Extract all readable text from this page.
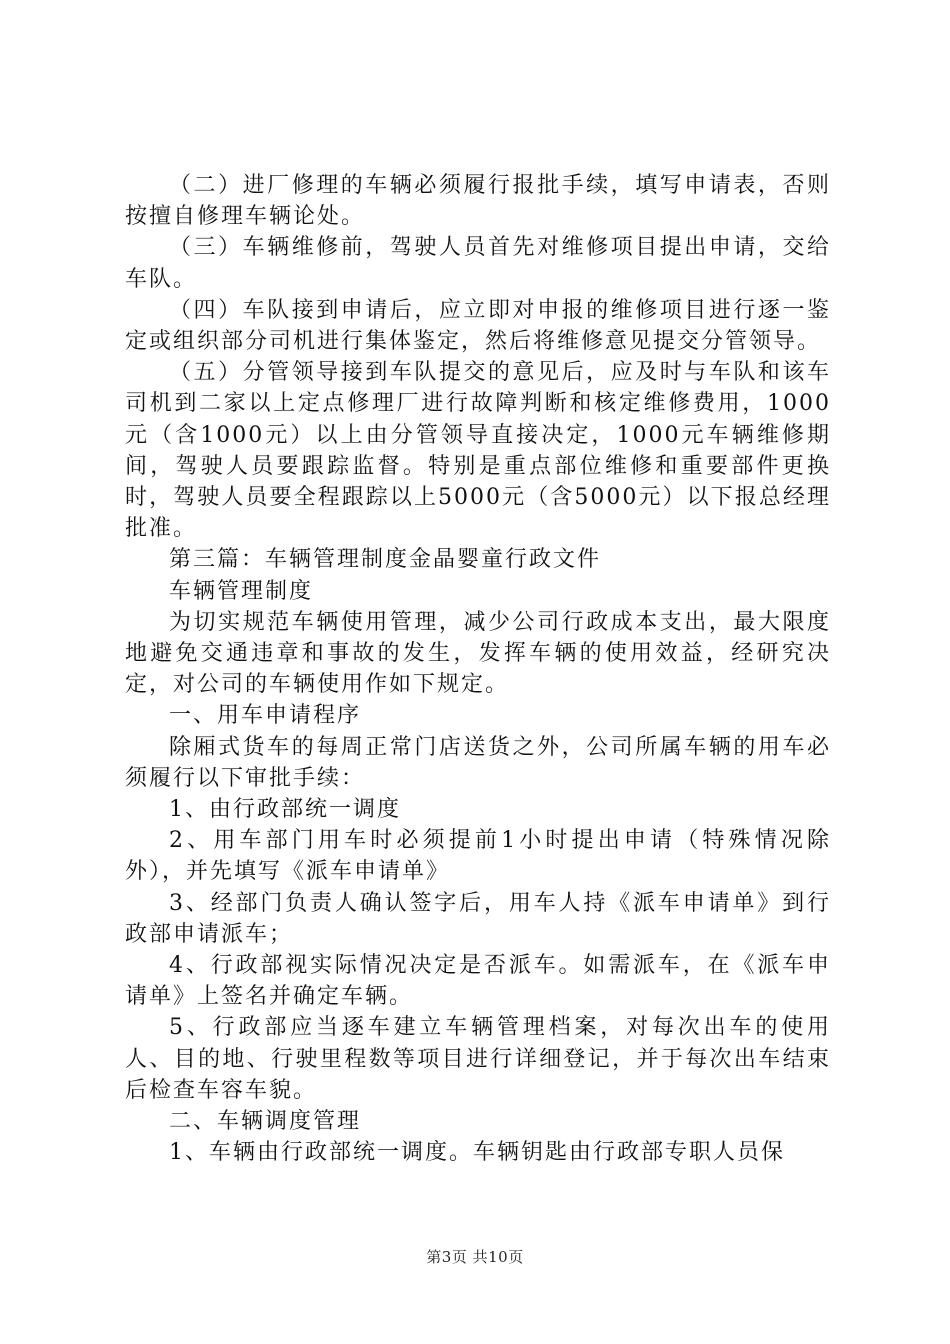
（二）进厂修理的车辆必须履行报批手续，填写申请表，否则按擅自修理车辆论处。

（三）车辆维修前，驾驶人员首先对维修项目提出申请，交给车队。

（四）车队接到申请后，应立即对申报的维修项目进行逐一鉴定或组织部分司机进行集体鉴定，然后将维修意见提交分管领导。

（五）分管领导接到车队提交的意见后，应及时与车队和该车司机到二家以上定点修理厂进行故障判断和核定维修费用，1000元（含1000元）以上由分管领导直接决定，1000元车辆维修期间，驾驶人员要跟踪监督。特别是重点部位维修和重要部件更换时，驾驶人员要全程跟踪以上5000元（含5000元）以下报总经理批准。

第三篇：车辆管理制度金晶婴童行政文件

车辆管理制度

为切实规范车辆使用管理，减少公司行政成本支出，最大限度地避免交通违章和事故的发生，发挥车辆的使用效益，经研究决定，对公司的车辆使用作如下规定。

一、用车申请程序

除厢式货车的每周正常门店送货之外，公司所属车辆的用车必须履行以下审批手续：

1、由行政部统一调度

2、用车部门用车时必须提前1小时提出申请（特殊情况除外），并先填写《派车申请单》

3、经部门负责人确认签字后，用车人持《派车申请单》到行政部申请派车；

4、行政部视实际情况决定是否派车。如需派车，在《派车申请单》上签名并确定车辆。

5、行政部应当逐车建立车辆管理档案，对每次出车的使用人、目的地、行驶里程数等项目进行详细登记，并于每次出车结束后检查车容车貌。

二、车辆调度管理

1、车辆由行政部统一调度。车辆钥匙由行政部专职人员保

第3页 共10页
